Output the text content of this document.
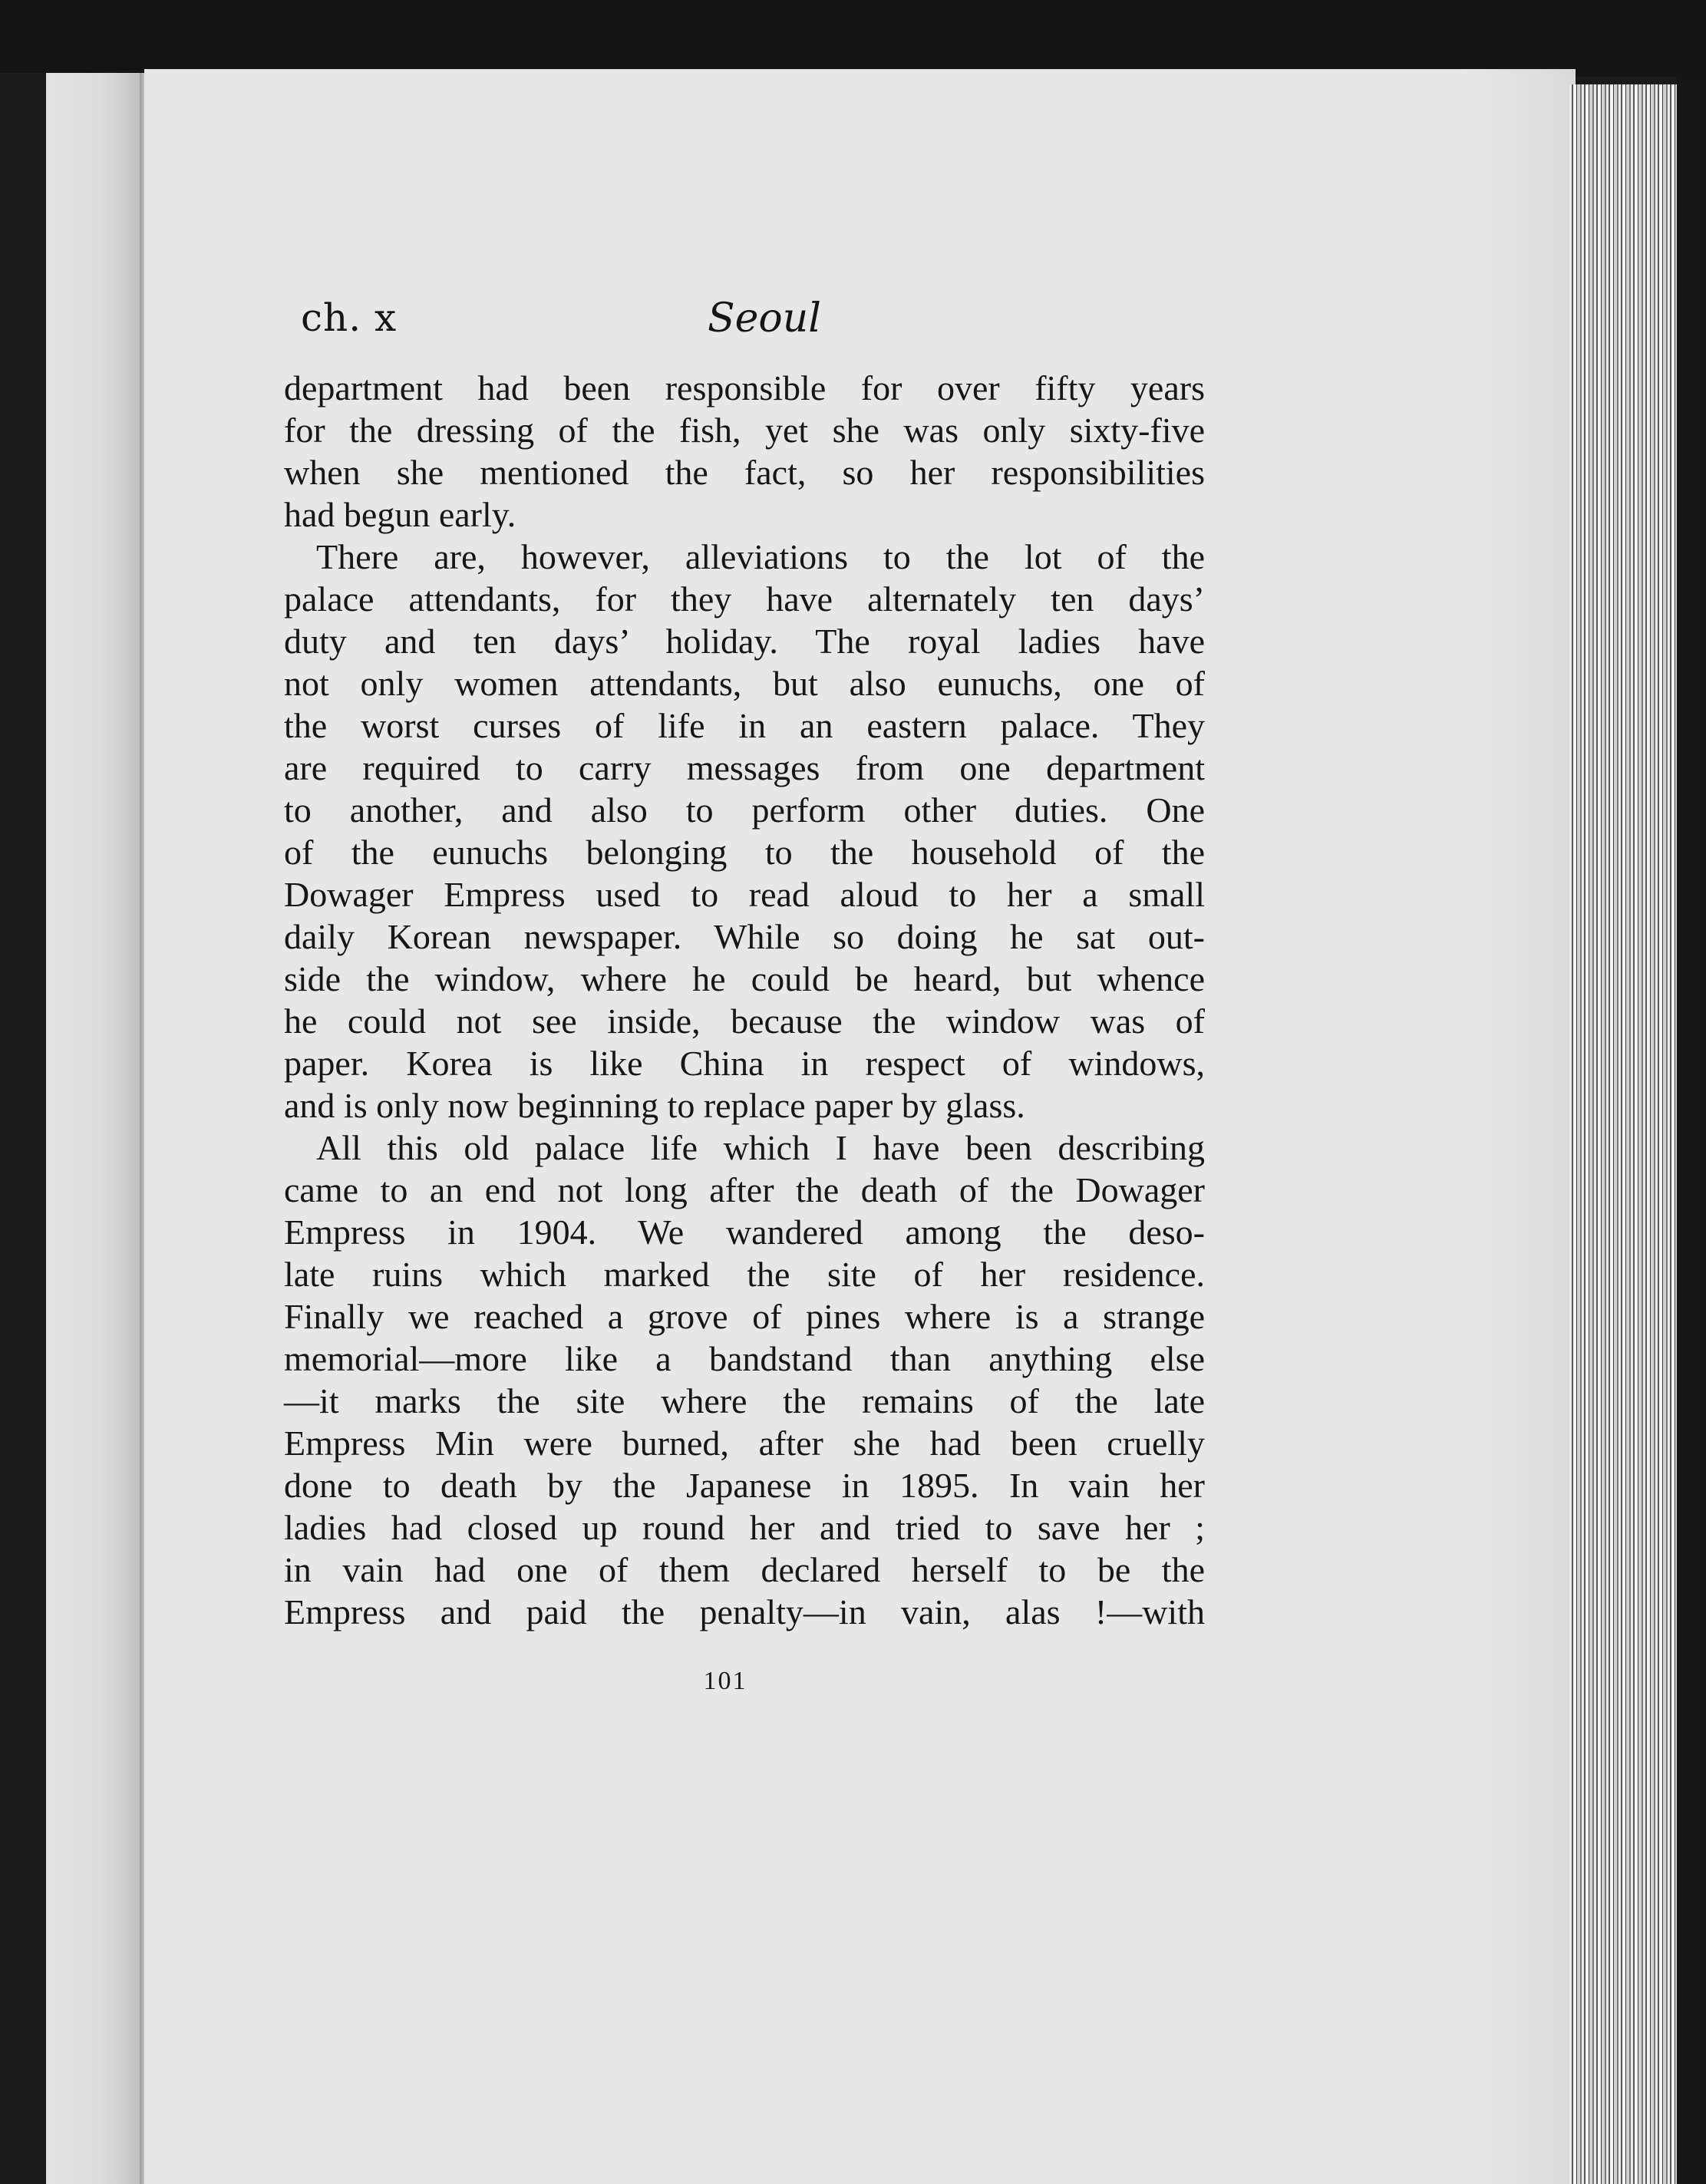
ch. x	Seoul
department had been responsible for over fifty years
for the dressing of the fish, yet she was only sixty-five
when she mentioned the fact, so her responsibilities
had begun early.
There are, however, alleviations to the lot of the
palace attendants, for they have alternately ten days’
duty and ten days’ holiday. The royal ladies have
not only women attendants, but also eunuchs, one of
the worst curses of life in an eastern palace. They
are required to carry messages from one department
to another, and also to perform other duties. One
of the eunuchs belonging to the household of the
Dowager Empress used to read aloud to her a small
daily Korean newspaper. While so doing he sat out-
side the window, where he could be heard, but whence
he could not see inside, because the window was of
paper. Korea is like China in respect of windows,
and is only now beginning to replace paper by glass.
All this old palace life which I have been describing
came to an end not long after the death of the Dowager
Empress in 1904. We wandered among the deso-
late ruins which marked the site of her residence.
Finally we reached a grove of pines where is a strange
memorial—more like a bandstand than anything else
—it marks the site where the remains of the late
Empress Min were burned, after she had been cruelly
done to death by the Japanese in 1895. In vain her
ladies had closed up round her and tried to save her ;
in vain had one of them declared herself to be the
Empress and paid the penalty—in vain, alas !—with
101
